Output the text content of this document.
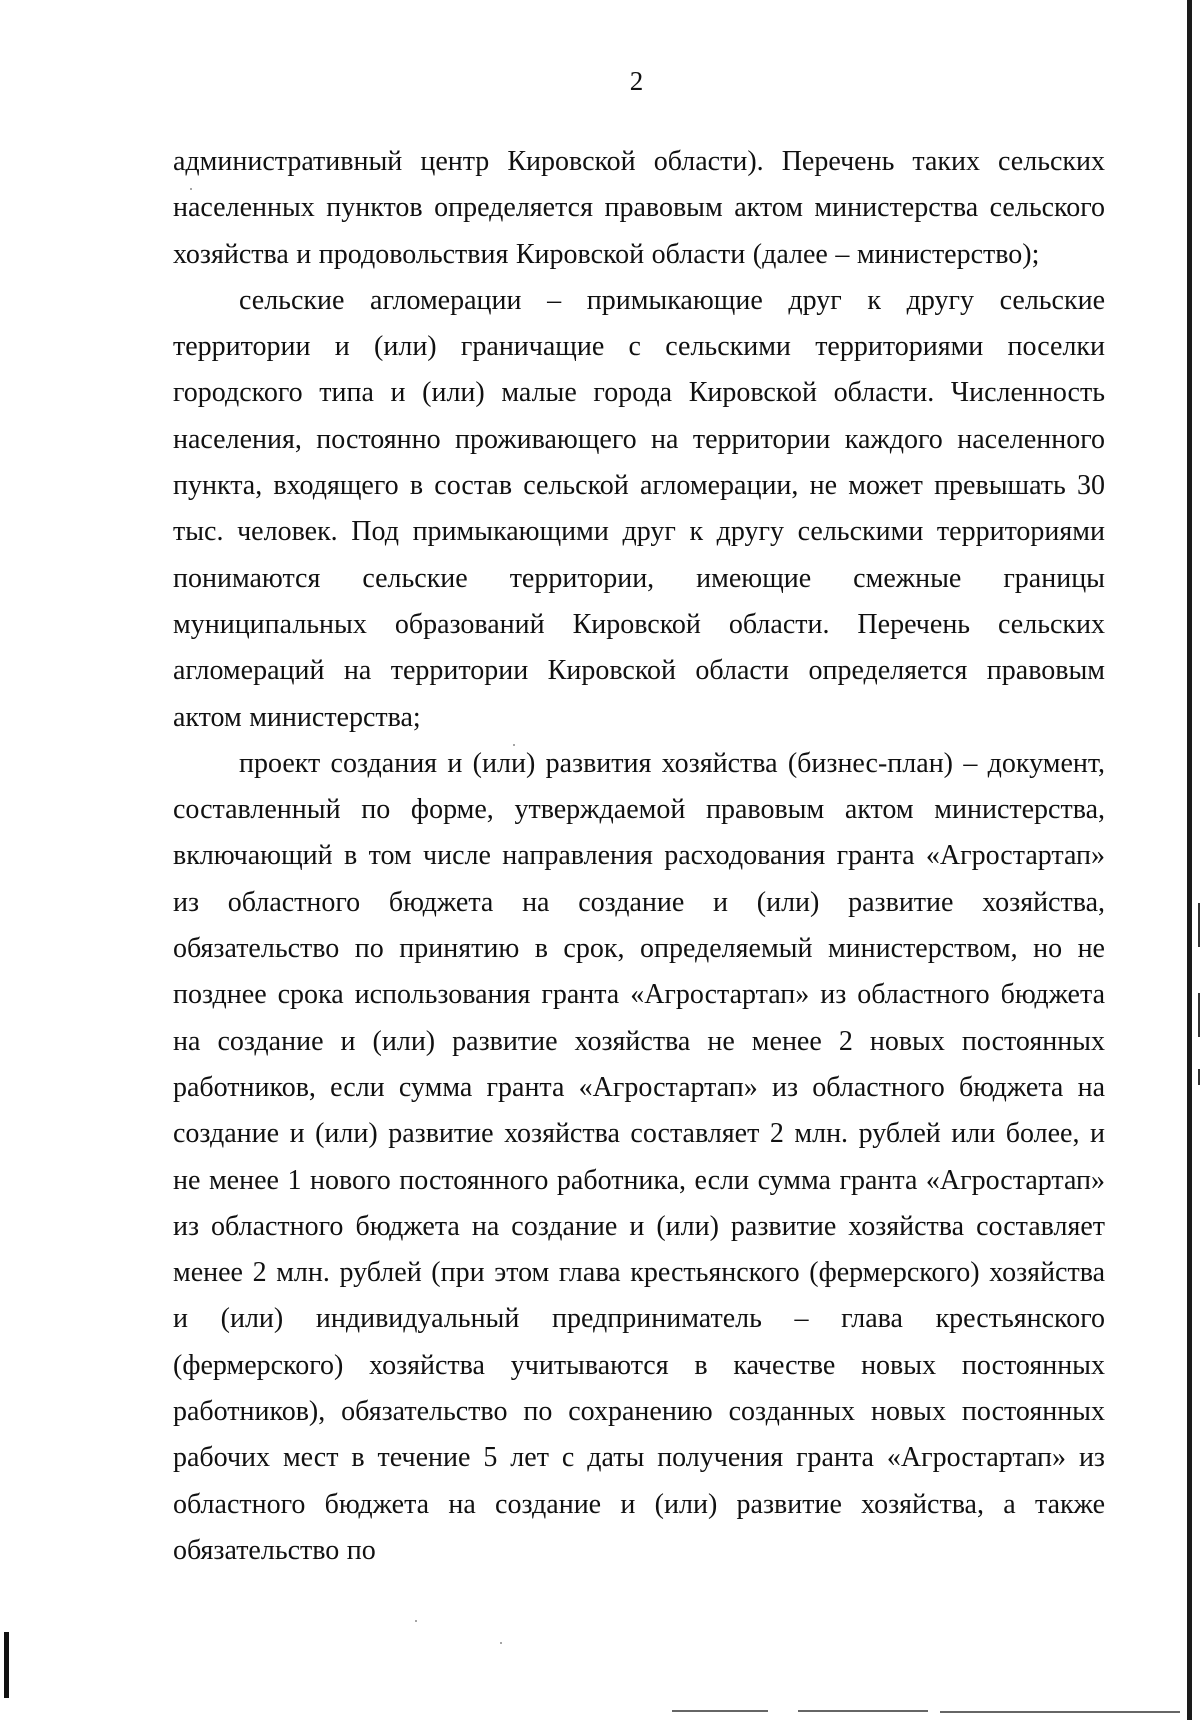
2

административный центр Кировской области). Перечень таких сельских населенных пунктов определяется правовым актом министерства сельского хозяйства и продовольствия Кировской области (далее – министерство);

сельские агломерации – примыкающие друг к другу сельские территории и (или) граничащие с сельскими территориями поселки городского типа и (или) малые города Кировской области. Численность населения, постоянно проживающего на территории каждого населенного пункта, входящего в состав сельской агломерации, не может превышать 30 тыс. человек. Под примыкающими друг к другу сельскими территориями понимаются сельские территории, имеющие смежные границы муниципальных образований Кировской области. Перечень сельских агломераций на территории Кировской области определяется правовым актом министерства;

проект создания и (или) развития хозяйства (бизнес-план) – документ, составленный по форме, утверждаемой правовым актом министерства, включающий в том числе направления расходования гранта «Агростартап» из областного бюджета на создание и (или) развитие хозяйства, обязательство по принятию в срок, определяемый министерством, но не позднее срока использования гранта «Агростартап» из областного бюджета на создание и (или) развитие хозяйства не менее 2 новых постоянных работников, если сумма гранта «Агростартап» из областного бюджета на создание и (или) развитие хозяйства составляет 2 млн. рублей или более, и не менее 1 нового постоянного работника, если сумма гранта «Агростартап» из областного бюджета на создание и (или) развитие хозяйства составляет менее 2 млн. рублей (при этом глава крестьянского (фермерского) хозяйства и (или) индивидуальный предприниматель – глава крестьянского (фермерского) хозяйства учитываются в качестве новых постоянных работников), обязательство по сохранению созданных новых постоянных рабочих мест в течение 5 лет с даты получения гранта «Агростартап» из областного бюджета на создание и (или) развитие хозяйства, а также обязательство по
